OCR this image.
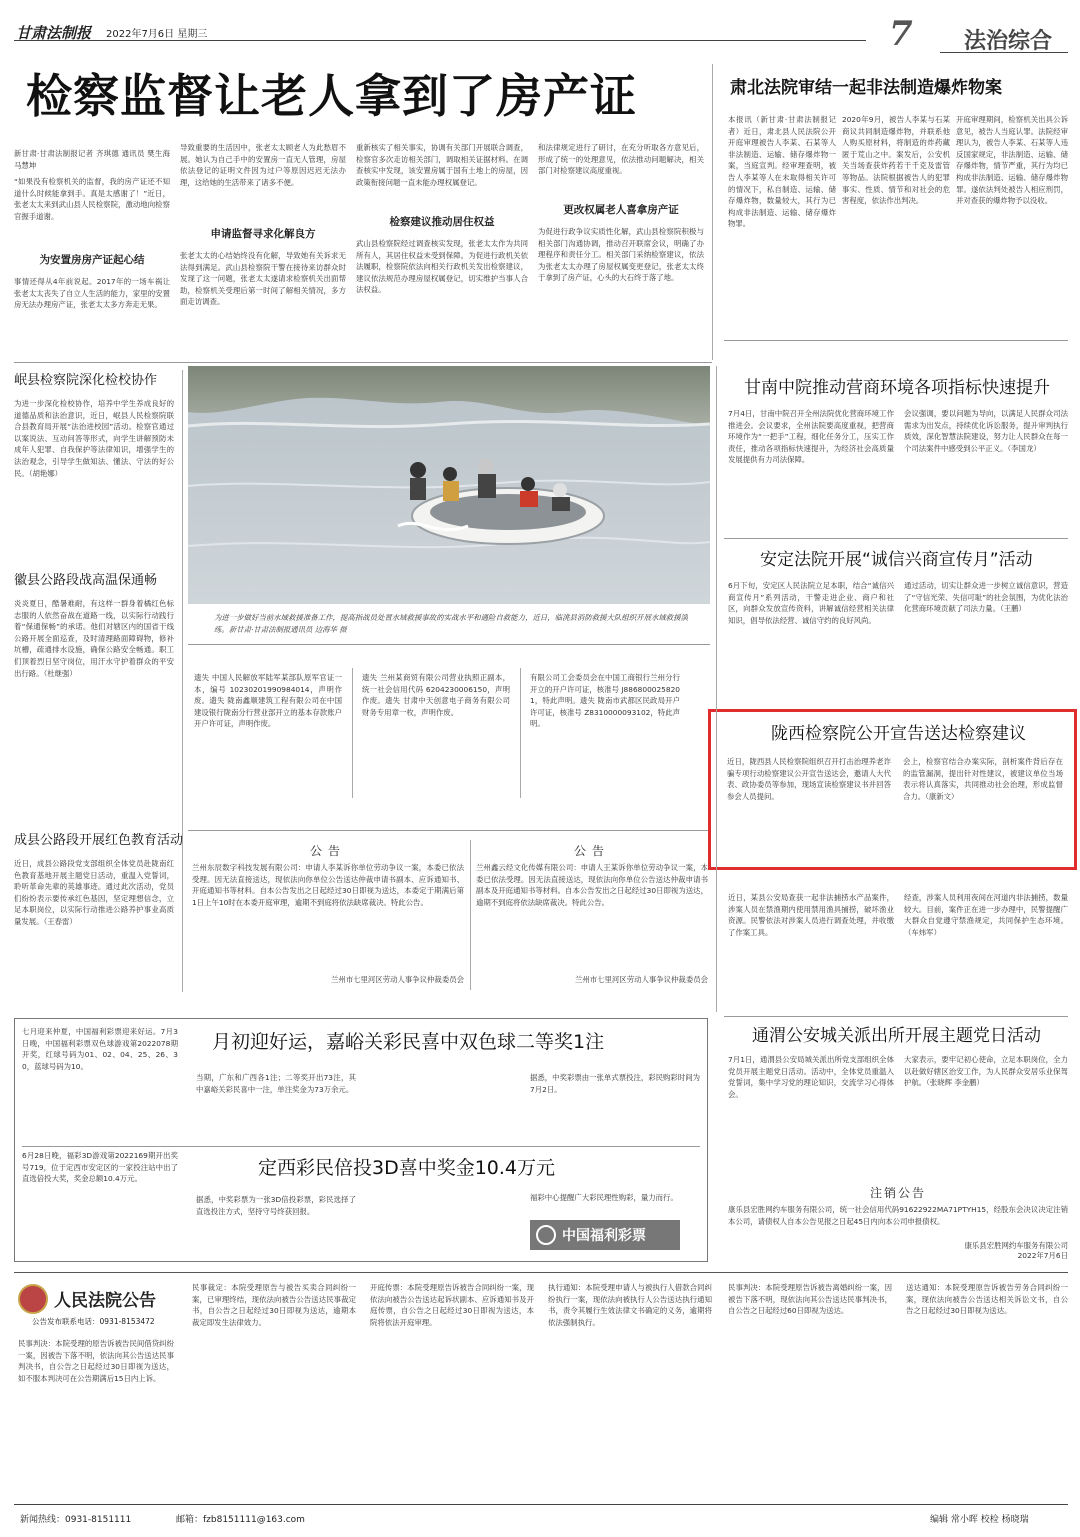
甘肃法制报 2022年7月6日 星期三	7 法治综合
检察监督让老人拿到了房产证
新甘肃·甘肃法制报记者 齐琪德 通讯员 樊生海 马慧坤
“如果没有检察机关的监督，我的房产证还不知道什么时候能拿到手。真是太感谢了！”近日，张老太太来到武山县人民检察院，激动地向检察官握手道谢。
为安置房房产证起心结
事情还得从4年前说起。2017年的一场车祸让张老太太丧失了自立人生活的能力，家里的安置房无法办理房产证，张老太太多方奔走无果。
导致重要的生活因中，张老太太顾老人为此愁眉不展。她认为自己手中的安置房一直无人管理，房屋依法登记的证明文件因为过户等原因迟迟无法办理，这给她的生活带来了诸多不便。
申请监督寻求化解良方
张老太太的心结始终没有化解，导致她有关诉求无法得到满足。武山县检察院干警在接待来访群众时发现了这一问题，张老太太遂请求检察机关出面帮助，检察机关受理后第一时间了解相关情况，多方面走访调查。
重新核实了相关事实，协调有关部门开展联合调查，检察官多次走访相关部门，调取相关证据材料。在调查核实中发现，该安置房属于国有土地上的房屋，因政策衔接问题一直未能办理权属登记。
检察建议推动居住权益
武山县检察院经过调查核实发现，张老太太作为共同所有人，其居住权益未受到保障。为促进行政机关依法履职，检察院依法向相关行政机关发出检察建议，建议依法规范办理房屋权属登记，切实维护当事人合法权益。
和法律规定进行了研讨，在充分听取各方意见后，形成了统一的处理意见，依法推动问题解决，相关部门对检察建议高度重视。
更改权属老人喜拿房产证
为促进行政争议实质性化解，武山县检察院积极与相关部门沟通协调，推动召开联席会议，明确了办理程序和责任分工。相关部门采纳检察建议，依法为张老太太办理了房屋权属变更登记，张老太太终于拿到了房产证，心头的大石终于落了地。
肃北法院审结一起非法制造爆炸物案
本报讯（新甘肃·甘肃法制报记者）近日，肃北县人民法院公开开庭审理被告人李某、石某等人非法制造、运输、储存爆炸物一案，当庭宣判。经审理查明，被告人李某等人在未取得相关许可的情况下，私自制造、运输、储存爆炸物，数量较大，其行为已构成非法制造、运输、储存爆炸物罪。
2020年9月，被告人李某与石某商议共同制造爆炸物，并联系他人购买原材料，将制造的炸药藏匿于荒山之中。案发后，公安机关当场查获炸药若干千克及雷管等物品。法院根据被告人的犯罪事实、性质、情节和对社会的危害程度，依法作出判决。
开庭审理期间，检察机关出具公诉意见，被告人当庭认罪。法院经审理认为，被告人李某、石某等人违反国家规定，非法制造、运输、储存爆炸物，情节严重，其行为均已构成非法制造、运输、储存爆炸物罪。遂依法判处被告人相应刑罚，并对查获的爆炸物予以没收。
岷县检察院深化检校协作
为进一步深化检校协作，培养中学生养成良好的道德品质和法治意识，近日，岷县人民检察院联合县教育局开展“法治进校园”活动。检察官通过以案说法、互动问答等形式，向学生讲解预防未成年人犯罪、自我保护等法律知识，增强学生的法治观念，引导学生做知法、懂法、守法的好公民。（胡艳娜）
徽县公路段战高温保通畅
炎炎夏日，酷暑难耐，有这样一群身着橘红色标志服的人依然奋战在道路一线，以实际行动践行着“保通保畅”的承诺。他们对辖区内的国省干线公路开展全面巡查，及时清理路面障碍物，修补坑槽，疏通排水设施，确保公路安全畅通。职工们顶着烈日坚守岗位，用汗水守护着群众的平安出行路。（杜继强）
成县公路段开展红色教育活动
近日，成县公路段党支部组织全体党员赴陇南红色教育基地开展主题党日活动，重温入党誓词，聆听革命先辈的英雄事迹。通过此次活动，党员们纷纷表示要传承红色基因，坚定理想信念，立足本职岗位，以实际行动推进公路养护事业高质量发展。（王春雷）
为进一步做好当前水域救援准备工作，提高指战员处置水域救援事故的实战水平和遇险自救能力，近日，临洮县消防救援大队组织开展水域救援演练。新甘肃·甘肃法制报通讯员 边海华 摄
遗失 中国人民解放军陆军某部队原军官证一本，编号 10230201990984014，声明作废。遗失 陇南鑫顺建筑工程有限公司在中国建设银行陇南分行营业部开立的基本存款账户开户许可证，声明作废。
遗失 兰州某商贸有限公司营业执照正副本，统一社会信用代码 6204230006150，声明作废。遗失 甘肃中天创意电子商务有限公司财务专用章一枚，声明作废。
有限公司工会委员会在中国工商银行兰州分行开立的开户许可证，核准号 J8868000258201，特此声明。遗失 陇南市武都区民政局开户许可证，核准号 Z8310000093102，特此声明。
公告
兰州东辰数字科技发展有限公司：申请人李某诉你单位劳动争议一案，本委已依法受理。因无法直接送达，现依法向你单位公告送达仲裁申请书副本、应诉通知书、开庭通知书等材料。自本公告发出之日起经过30日即视为送达，本委定于期满后第1日上午10时在本委开庭审理，逾期不到庭将依法缺席裁决。特此公告。
兰州市七里河区劳动人事争议仲裁委员会
公告
兰州鑫云经文化传媒有限公司：申请人王某诉你单位劳动争议一案，本委已依法受理。因无法直接送达，现依法向你单位公告送达仲裁申请书副本及开庭通知书等材料。自本公告发出之日起经过30日即视为送达，逾期不到庭将依法缺席裁决。特此公告。
兰州市七里河区劳动人事争议仲裁委员会
甘南中院推动营商环境各项指标快速提升
7月4日，甘南中院召开全州法院优化营商环境工作推进会。会议要求，全州法院要高度重视，把营商环境作为“一把手”工程，细化任务分工，压实工作责任，推动各项指标快速提升，为经济社会高质量发展提供有力司法保障。
会议强调，要以问题为导向，以满足人民群众司法需求为出发点，持续优化诉讼服务，提升审判执行质效，深化智慧法院建设，努力让人民群众在每一个司法案件中感受到公平正义。（李国龙）
安定法院开展“诚信兴商宣传月”活动
6月下旬，安定区人民法院立足本职，结合“诚信兴商宣传月”系列活动，干警走进企业、商户和社区，向群众发放宣传资料，讲解诚信经营相关法律知识，倡导依法经营、诚信守约的良好风尚。
通过活动，切实让群众进一步树立诚信意识，营造了“守信光荣、失信可耻”的社会氛围，为优化法治化营商环境贡献了司法力量。（王鹏）
陇西检察院公开宣告送达检察建议
近日，陇西县人民检察院组织召开打击治理养老诈骗专项行动检察建议公开宣告送达会，邀请人大代表、政协委员等参加，现场宣读检察建议书并回答参会人员提问。
会上，检察官结合办案实际，剖析案件背后存在的监管漏洞，提出针对性建议，被建议单位当场表示将认真落实，共同推动社会治理，形成监督合力。（康新文）
近日，某县公安局查获一起非法捕捞水产品案件，涉案人员在禁渔期内使用禁用渔具捕捞，破坏渔业资源。民警依法对涉案人员进行调查处理，并收缴了作案工具。
经查，涉案人员利用夜间在河道内非法捕捞，数量较大。目前，案件正在进一步办理中，民警提醒广大群众自觉遵守禁渔规定，共同保护生态环境。（车炜军）
七月迎来仲夏，中国福利彩票迎来好运。7月3日晚，中国福利彩票双色球游戏第2022078期开奖，红球号码为01、02、04、25、26、30，蓝球号码为10。
月初迎好运，嘉峪关彩民喜中双色球二等奖1注
当期，广东和广西各1注；二等奖开出73注，其中嘉峪关彩民喜中一注，单注奖金为73万余元。
据悉，中奖彩票由一张单式票投注，彩民购彩时间为7月2日。
6月28日晚，福彩3D游戏第2022169期开出奖号719，位于定西市安定区的一家投注站中出了直选倍投大奖，奖金总额10.4万元。	定西彩民倍投3D喜中奖金10.4万元
据悉，中奖彩票为一张3D倍投彩票，彩民选择了直选投注方式，坚持守号终获回报。
福彩中心提醒广大彩民理性购彩，量力而行。
中国福利彩票
通渭公安城关派出所开展主题党日活动
7月1日，通渭县公安局城关派出所党支部组织全体党员开展主题党日活动。活动中，全体党员重温入党誓词，集中学习党的理论知识，交流学习心得体会。
大家表示，要牢记初心使命，立足本职岗位，全力以赴做好辖区治安工作，为人民群众安居乐业保驾护航。（张晓辉 李金鹏）
注销公告
康乐县宏胜网约车服务有限公司，统一社会信用代码91622922MA71PTYH15，经股东会决议决定注销本公司，请债权人自本公告见报之日起45日内向本公司申报债权。
康乐县宏胜网约车服务有限公司
2022年7月6日
人民法院公告
公告发布联系电话：0931-8153472
民事判决：本院受理的原告诉被告民间借贷纠纷一案，因被告下落不明，依法向其公告送达民事判决书，自公告之日起经过30日即视为送达，如不服本判决可在公告期满后15日内上诉。
民事裁定：本院受理原告与被告买卖合同纠纷一案，已审理终结，现依法向被告公告送达民事裁定书，自公告之日起经过30日即视为送达，逾期本裁定即发生法律效力。
开庭传票：本院受理原告诉被告合同纠纷一案，现依法向被告公告送达起诉状副本、应诉通知书及开庭传票，自公告之日起经过30日即视为送达，本院将依法开庭审理。
执行通知：本院受理申请人与被执行人借款合同纠纷执行一案，现依法向被执行人公告送达执行通知书，责令其履行生效法律文书确定的义务，逾期将依法强制执行。
民事判决：本院受理原告诉被告离婚纠纷一案，因被告下落不明，现依法向其公告送达民事判决书，自公告之日起经过60日即视为送达。
送达通知：本院受理原告诉被告劳务合同纠纷一案，现依法向被告公告送达相关诉讼文书，自公告之日起经过30日即视为送达。
新闻热线：0931-8151111	邮箱：fzb8151111@163.com	编辑 常小晖 校检 杨晓瑞
